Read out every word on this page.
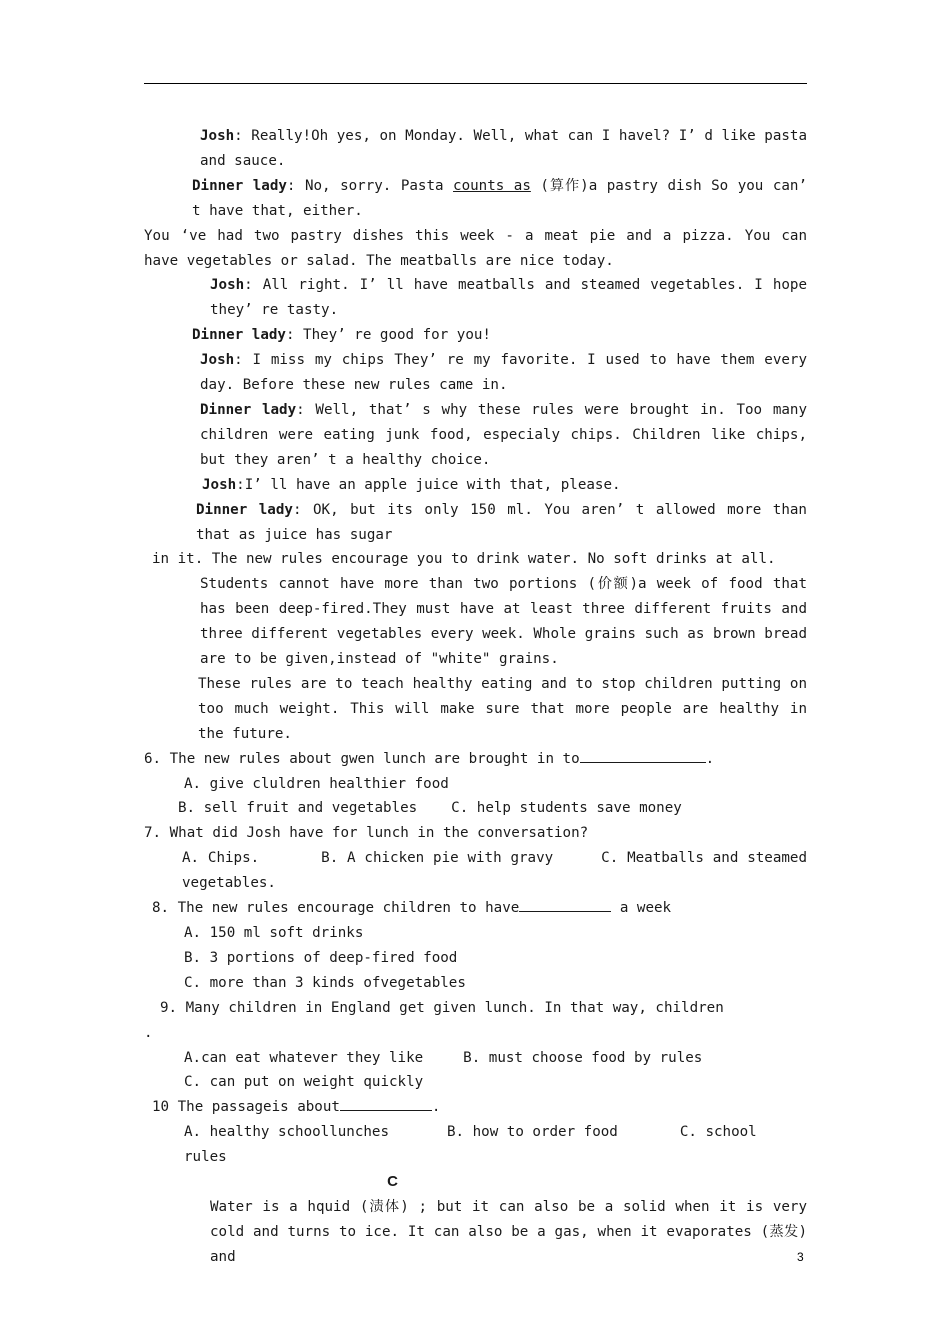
Josh: Really!Oh yes, on Monday. Well, what can I havel? I’ d like pasta and sauce.

Dinner lady: No, sorry. Pasta counts as (算作)a pastry dish So you can’ t have that, either.

You ‘ve had two pastry dishes this week - a meat pie and a pizza. You can have vegetables or salad. The meatballs are nice today.

Josh: All right. I’ ll have meatballs and steamed vegetables. I hope they’ re tasty.

Dinner lady: They’ re good for you!

Josh: I miss my chips They’ re my favorite. I used to have them every day. Before these new rules came in.

Dinner lady: Well, that’ s why these rules were brought in. Too many children were eating junk food, especialy chips. Children like chips, but they aren’ t a healthy choice.

Josh:I’ ll have an apple juice with that, please.

Dinner lady: OK, but its only 150 ml. You aren’ t allowed more than that as juice has sugar

in it. The new rules encourage you to drink water. No soft drinks at all.

Students cannot have more than two portions (价额)a week of food that has been deep-fired.They must have at least three different fruits and three different vegetables every week. Whole grains such as brown bread are to be given,instead of "white" grains.

These rules are to teach healthy eating and to stop children putting on too much weight. This will make sure that more people are healthy in the future.

6. The new rules about gwen lunch are brought in to	.

A. give cluldren healthier food

B. sell fruit and vegetables C. help students save money

7. What did Josh have for lunch in the conversation?

A. Chips.	B. A chicken pie with gravy	C. Meatballs and steamed vegetables.

8. The new rules encourage children to have	a week

A. 150 ml soft drinks

B. 3 portions of deep-fired food

C. more than 3 kinds ofvegetables

9. Many children in England get given lunch. In that way, children

.

A.can eat whatever they like	B. must choose food by rules

C. can put on weight quickly

10 The passageis about	.

A. healthy schoollunches	B. how to order food	C. school rules

C

Water is a hquid (渍体) ; but it can also be a solid when it is very cold and turns to ice. It can also be a gas, when it evaporates (蒸发) and	3
